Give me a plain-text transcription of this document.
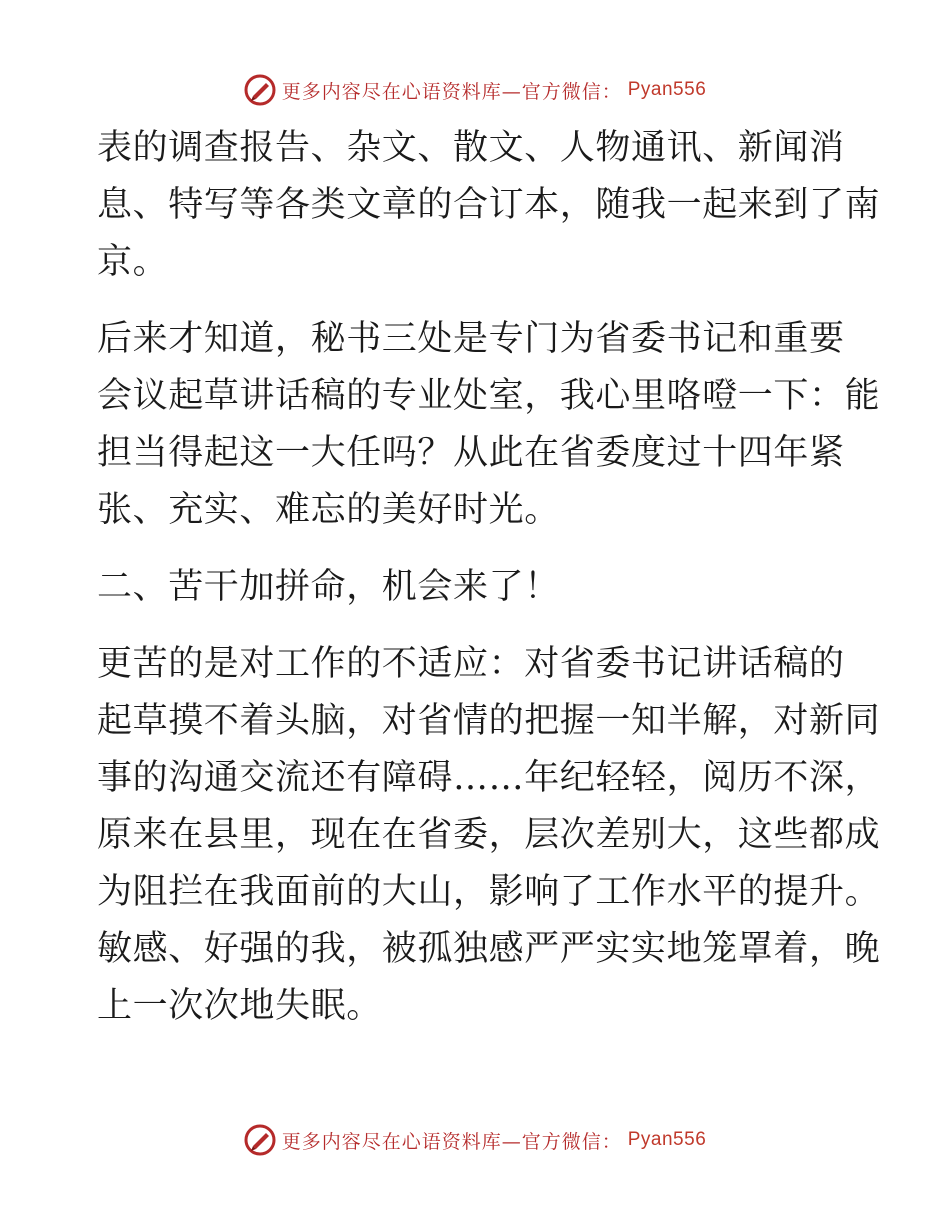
更多内容尽在心语资料库—官方微信： Pyan556

表的调查报告、杂文、散文、人物通讯、新闻消
息、特写等各类文章的合订本，随我一起来到了南
京。

后来才知道，秘书三处是专门为省委书记和重要
会议起草讲话稿的专业处室，我心里咯噔一下：能
担当得起这一大任吗？从此在省委度过十四年紧
张、充实、难忘的美好时光。

二、苦干加拼命，机会来了！

更苦的是对工作的不适应：对省委书记讲话稿的
起草摸不着头脑，对省情的把握一知半解，对新同
事的沟通交流还有障碍……年纪轻轻，阅历不深，
原来在县里，现在在省委，层次差别大，这些都成
为阻拦在我面前的大山，影响了工作水平的提升。
敏感、好强的我，被孤独感严严实实地笼罩着，晚
上一次次地失眠。

更多内容尽在心语资料库—官方微信： Pyan556
